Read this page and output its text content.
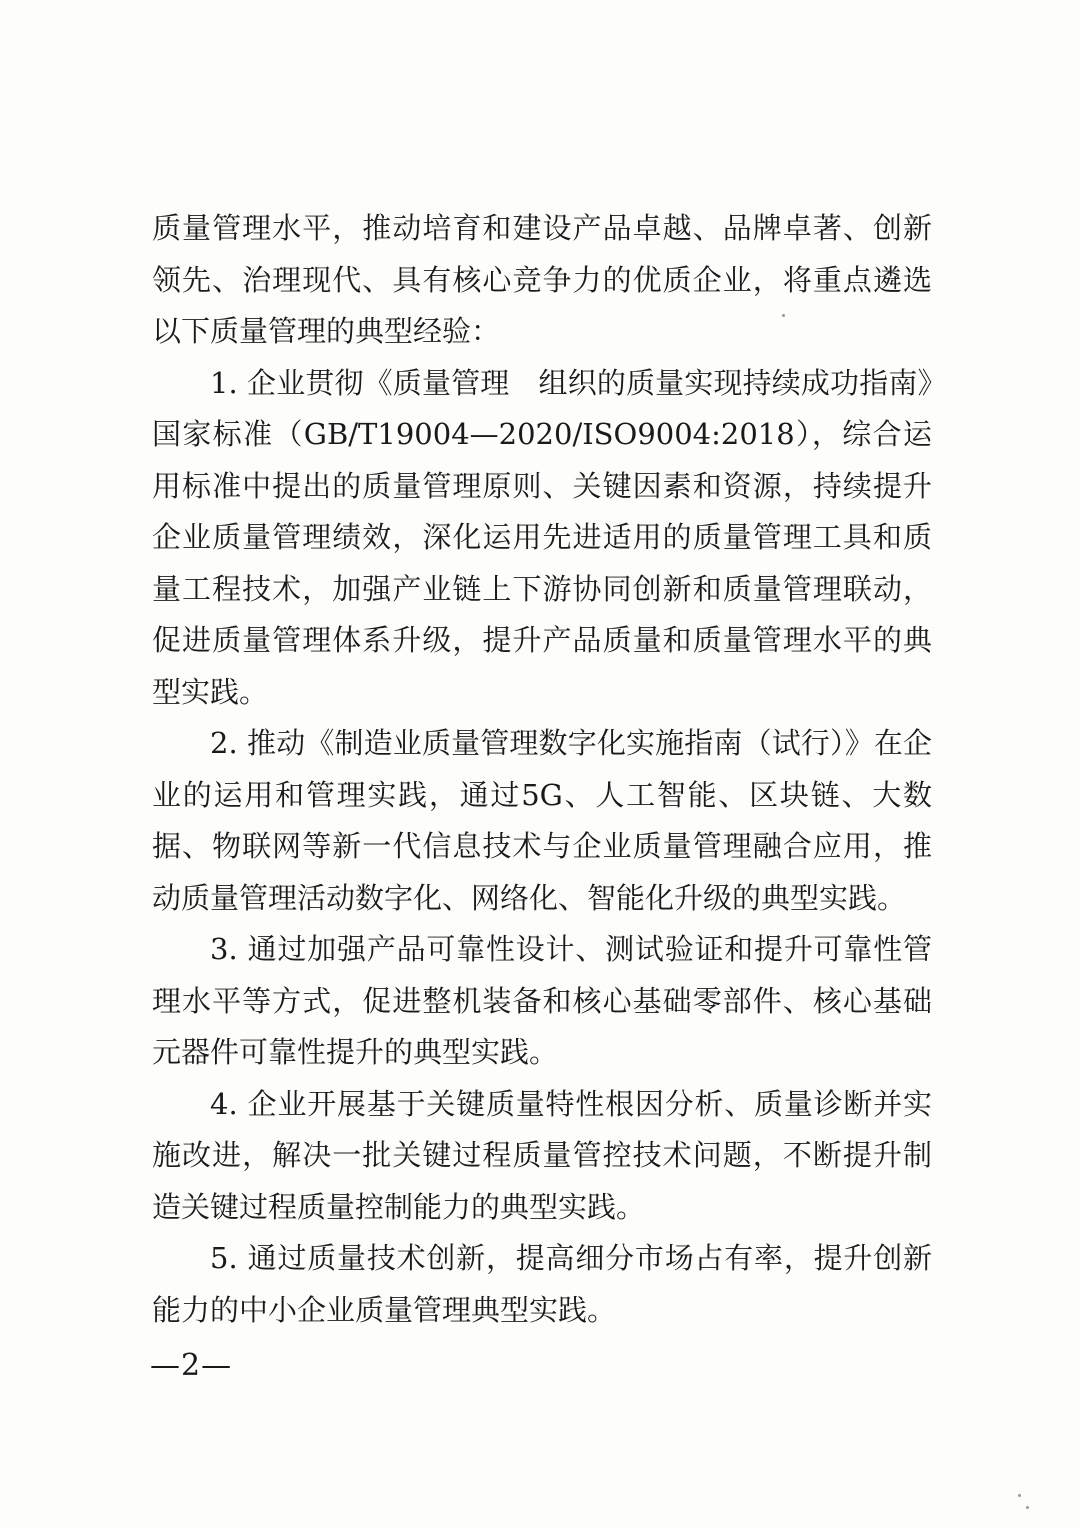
质量管理水平，推动培育和建设产品卓越、品牌卓著、创新领先、治理现代、具有核心竞争力的优质企业，将重点遴选以下质量管理的典型经验：

1. 企业贯彻《质量管理　组织的质量实现持续成功指南》国家标准（GB/T19004—2020/ISO9004:2018），综合运用标准中提出的质量管理原则、关键因素和资源，持续提升企业质量管理绩效，深化运用先进适用的质量管理工具和质量工程技术，加强产业链上下游协同创新和质量管理联动，促进质量管理体系升级，提升产品质量和质量管理水平的典型实践。

2. 推动《制造业质量管理数字化实施指南（试行）》在企业的运用和管理实践，通过5G、人工智能、区块链、大数据、物联网等新一代信息技术与企业质量管理融合应用，推动质量管理活动数字化、网络化、智能化升级的典型实践。

3. 通过加强产品可靠性设计、测试验证和提升可靠性管理水平等方式，促进整机装备和核心基础零部件、核心基础元器件可靠性提升的典型实践。

4. 企业开展基于关键质量特性根因分析、质量诊断并实施改进，解决一批关键过程质量管控技术问题，不断提升制造关键过程质量控制能力的典型实践。

5. 通过质量技术创新，提高细分市场占有率，提升创新能力的中小企业质量管理典型实践。

—2—
